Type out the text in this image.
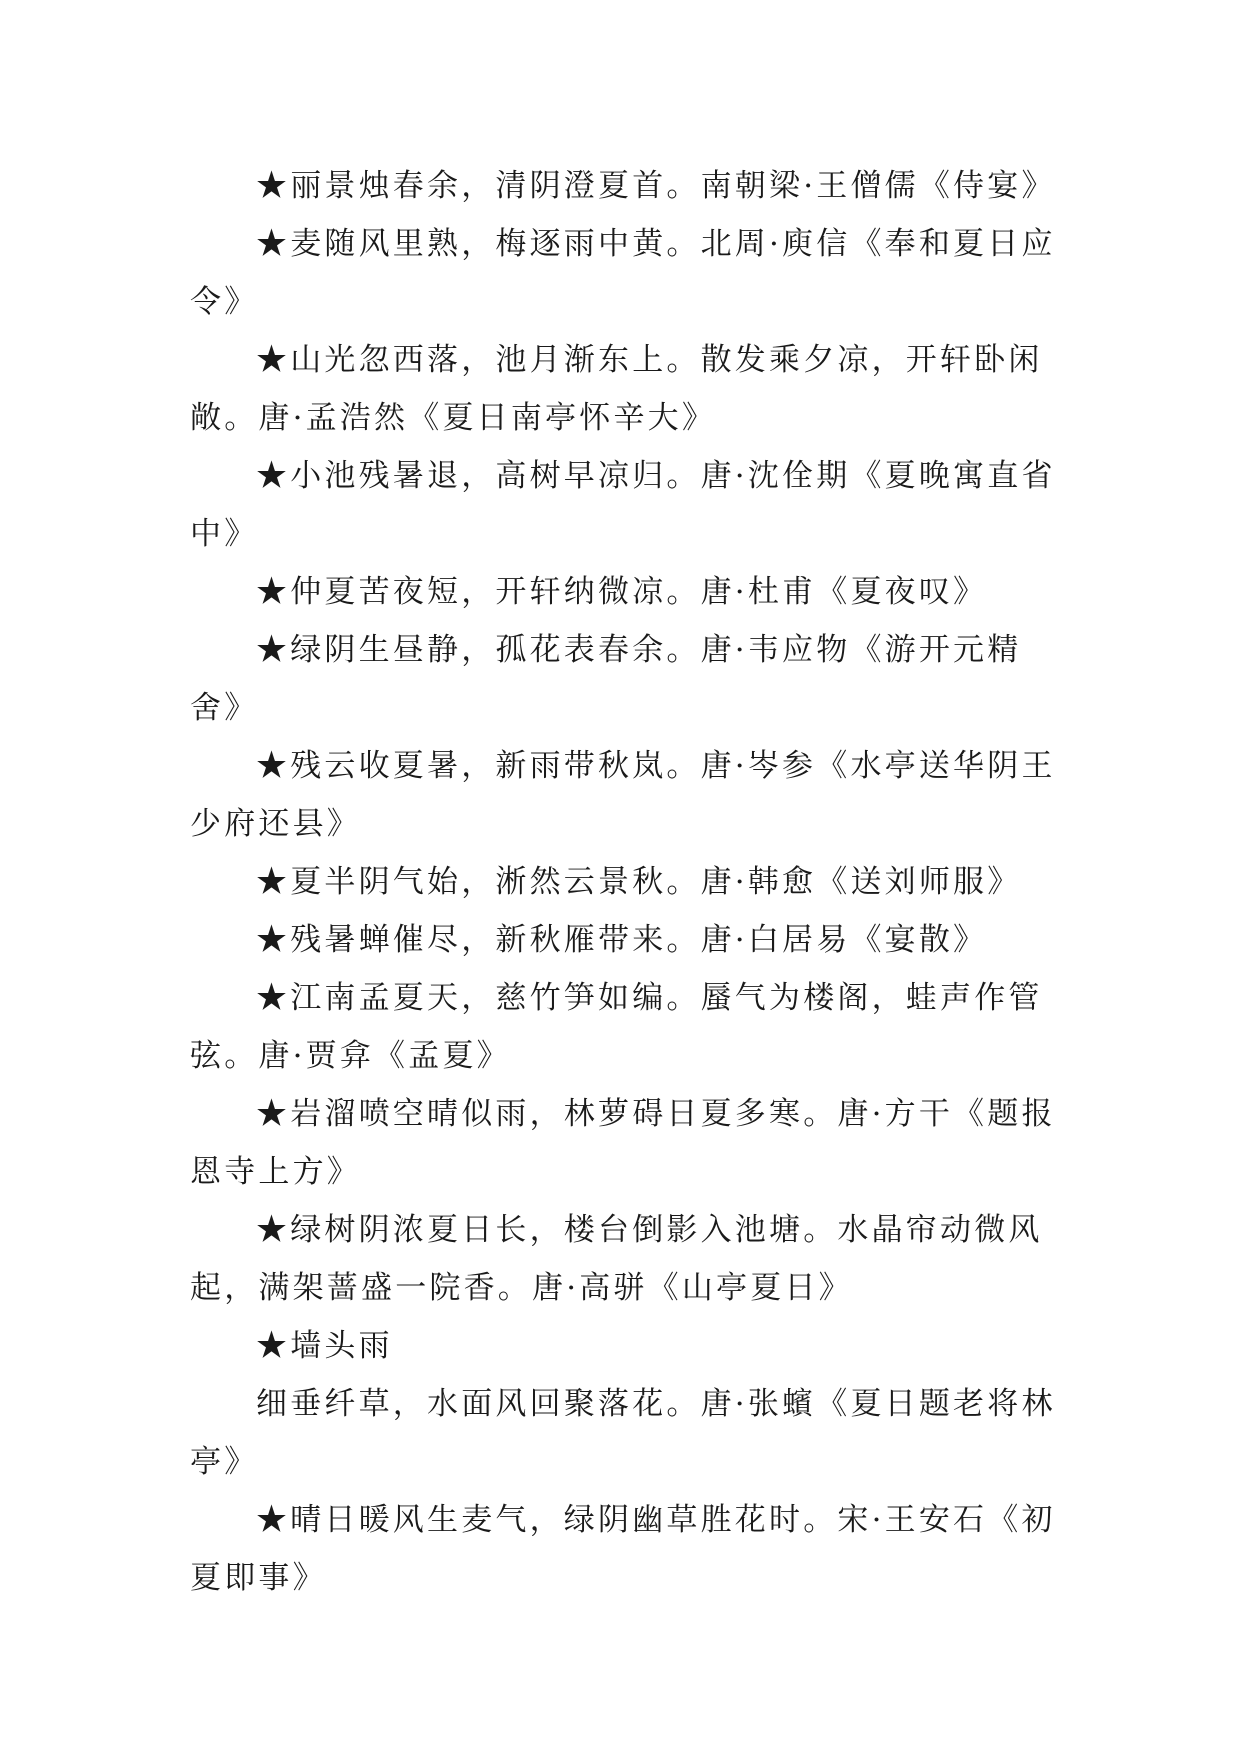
★丽景烛春余，清阴澄夏首。南朝梁·王僧儒《侍宴》

★麦随风里熟，梅逐雨中黄。北周·庾信《奉和夏日应令》

★山光忽西落，池月渐东上。散发乘夕凉，开轩卧闲敞。唐·孟浩然《夏日南亭怀辛大》

★小池残暑退，高树早凉归。唐·沈佺期《夏晚寓直省中》

★仲夏苦夜短，开轩纳微凉。唐·杜甫《夏夜叹》

★绿阴生昼静，孤花表春余。唐·韦应物《游开元精舍》

★残云收夏暑，新雨带秋岚。唐·岑参《水亭送华阴王少府还县》

★夏半阴气始，淅然云景秋。唐·韩愈《送刘师服》

★残暑蝉催尽，新秋雁带来。唐·白居易《宴散》

★江南孟夏天，慈竹笋如编。蜃气为楼阁，蛙声作管弦。唐·贾弇《孟夏》

★岩溜喷空晴似雨，林萝碍日夏多寒。唐·方干《题报恩寺上方》

★绿树阴浓夏日长，楼台倒影入池塘。水晶帘动微风起，满架蔷盛一院香。唐·高骈《山亭夏日》

★墙头雨

细垂纤草，水面风回聚落花。唐·张蠙《夏日题老将林亭》

★晴日暖风生麦气，绿阴幽草胜花时。宋·王安石《初夏即事》
